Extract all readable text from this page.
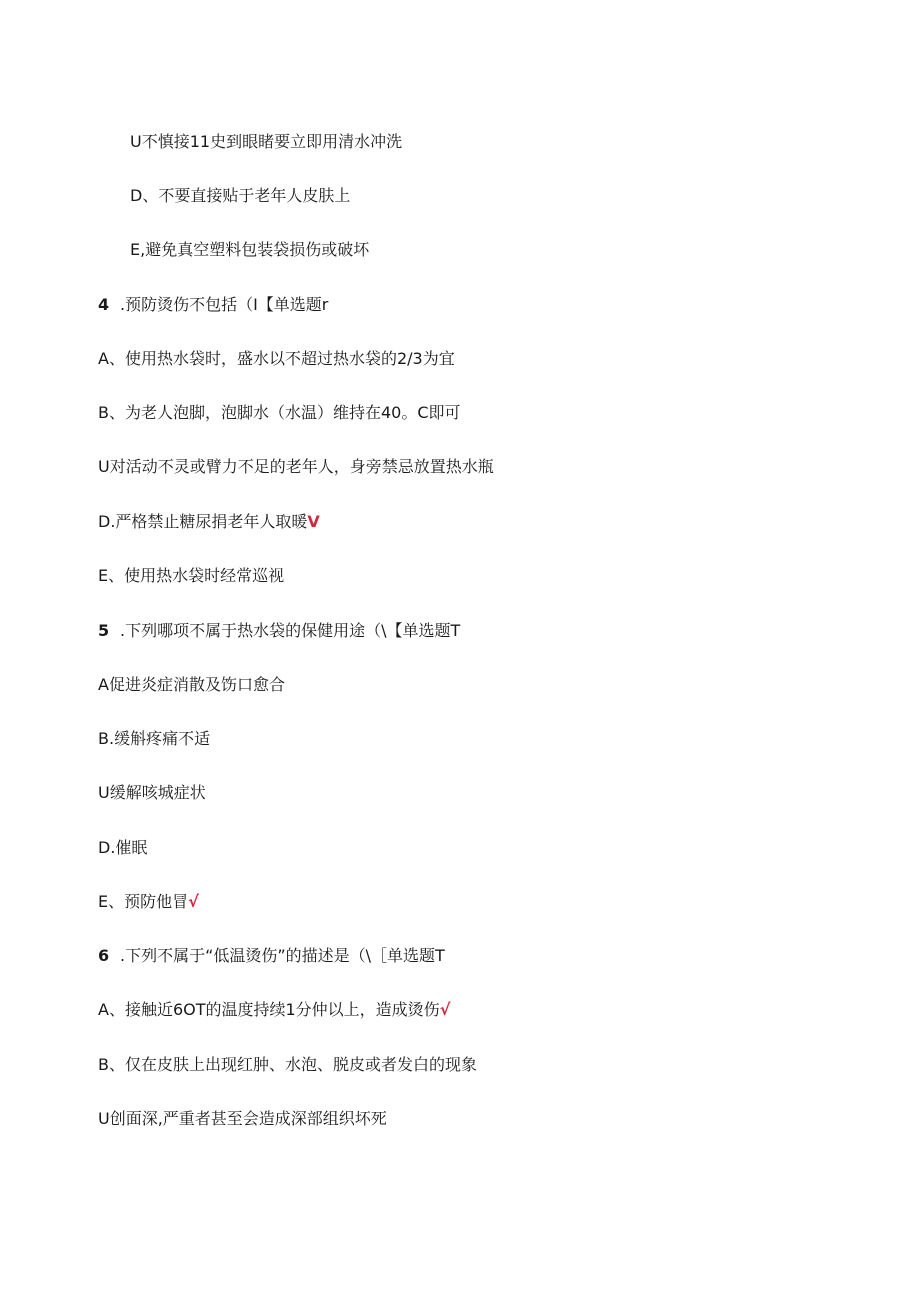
U不慎接11史到眼睹要立即用清水冲洗
D、不要直接贴于老年人皮肤上
E,避免真空塑料包装袋损伤或破坏
4 .预防烫伤不包括（I【单选题r
A、使用热水袋时，盛水以不超过热水袋的2/3为宜
B、为老人泡脚，泡脚水（水温）维持在40。C即可
U对活动不灵或臂力不足的老年人，身旁禁忌放置热水瓶
D.严格禁止糖尿捐老年人取暖V
E、使用热水袋时经常巡视
5 .下列哪项不属于热水袋的保健用途（\【单选题T
A促进炎症消散及饬口愈合
B.缓斛疼痛不适
U缓解咳城症状
D.催眠
E、预防他冒√
6 .下列不属于“低温烫伤”的描述是（\［单选题T
A、接触近6OT的温度持续1分仲以上，造成烫伤√
B、仅在皮肤上出现红肿、水泡、脱皮或者发白的现象
U创面深,严重者甚至会造成深部组织坏死
